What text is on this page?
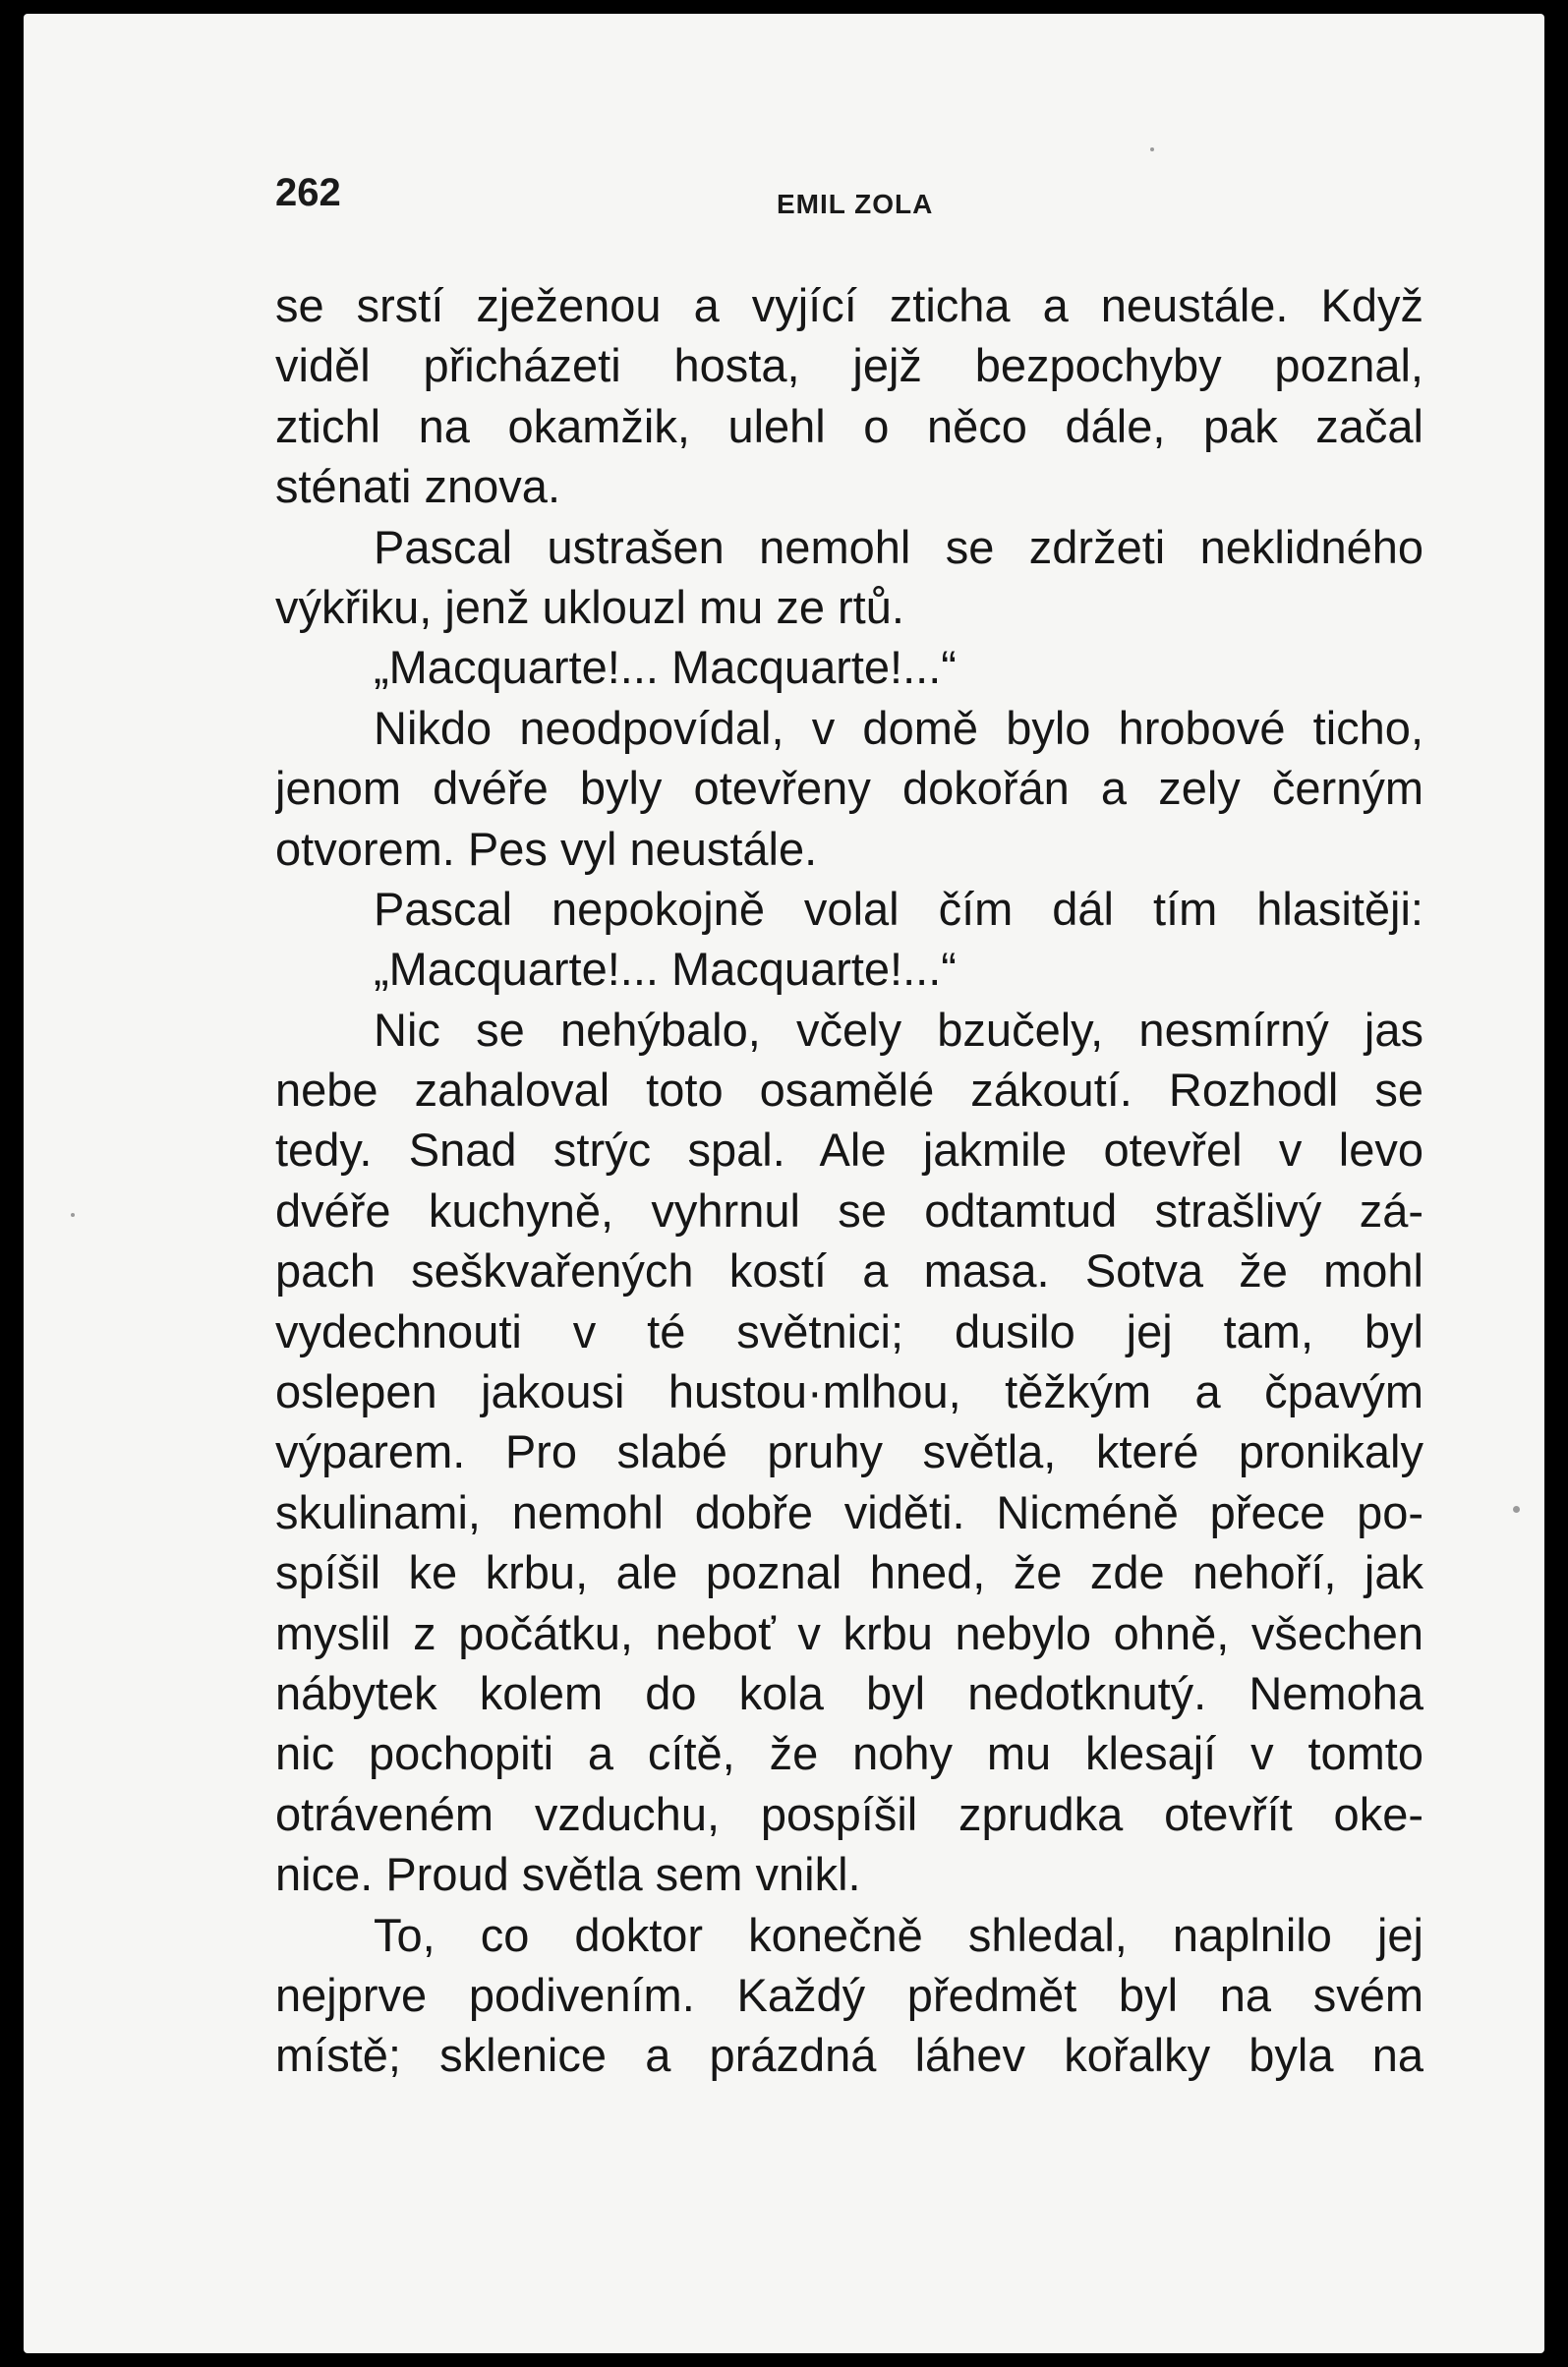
262	EMIL ZOLA
se srstí zježenou a vyjící zticha a neustále. Když
viděl přicházeti hosta, jejž bezpochyby poznal,
ztichl na okamžik, ulehl o něco dále, pak začal
sténati znova.
Pascal ustrašen nemohl se zdržeti neklidného
výkřiku, jenž uklouzl mu ze rtů.
„Macquarte!... Macquarte!...“
Nikdo neodpovídal, v domě bylo hrobové ticho,
jenom dvéře byly otevřeny dokořán a zely černým
otvorem. Pes vyl neustále.
Pascal nepokojně volal čím dál tím hlasitěji:
„Macquarte!... Macquarte!...“
Nic se nehýbalo, včely bzučely, nesmírný jas
nebe zahaloval toto osamělé zákoutí. Rozhodl se
tedy. Snad strýc spal. Ale jakmile otevřel v levo
dvéře kuchyně, vyhrnul se odtamtud strašlivý zá-
pach seškvařených kostí a masa. Sotva že mohl
vydechnouti v té světnici; dusilo jej tam, byl
oslepen jakousi hustou·mlhou, těžkým a čpavým
výparem. Pro slabé pruhy světla, které pronikaly
skulinami, nemohl dobře viděti. Nicméně přece po-
spíšil ke krbu, ale poznal hned, že zde nehoří, jak
myslil z počátku, neboť v krbu nebylo ohně, všechen
nábytek kolem do kola byl nedotknutý. Nemoha
nic pochopiti a cítě, že nohy mu klesají v tomto
otráveném vzduchu, pospíšil zprudka otevřít oke-
nice. Proud světla sem vnikl.
To, co doktor konečně shledal, naplnilo jej
nejprve podivením. Každý předmět byl na svém
místě; sklenice a prázdná láhev kořalky byla na
